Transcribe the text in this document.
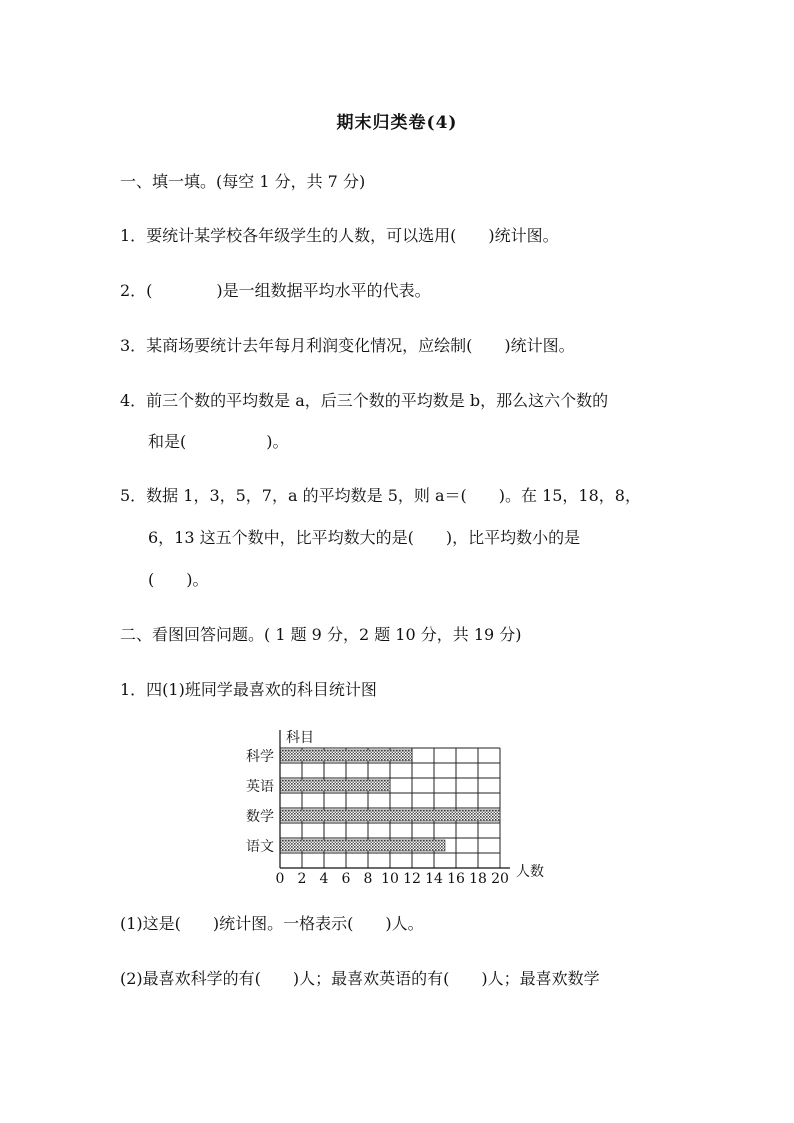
期末归类卷(4)
一、填一填。(每空 1 分，共 7 分)
1．要统计某学校各年级学生的人数，可以选用(　　)统计图。
2．(　　　　)是一组数据平均水平的代表。
3．某商场要统计去年每月利润变化情况，应绘制(　　)统计图。
4．前三个数的平均数是 a，后三个数的平均数是 b，那么这六个数的
和是(　　　　　)。
5．数据 1，3，5，7，a 的平均数是 5，则 a＝(　　)。在 15，18，8，
6，13 这五个数中，比平均数大的是(　　)，比平均数小的是
(　　)。
二、看图回答问题。( 1 题 9 分，2 题 10 分，共 19 分)
1．四(1)班同学最喜欢的科目统计图
科目
人数
科学
英语
数学
语文
0 2 4 6 8 10 12 14 16 18 20
(1)这是(　　)统计图。一格表示(　　)人。
(2)最喜欢科学的有(　　)人；最喜欢英语的有(　　)人；最喜欢数学
